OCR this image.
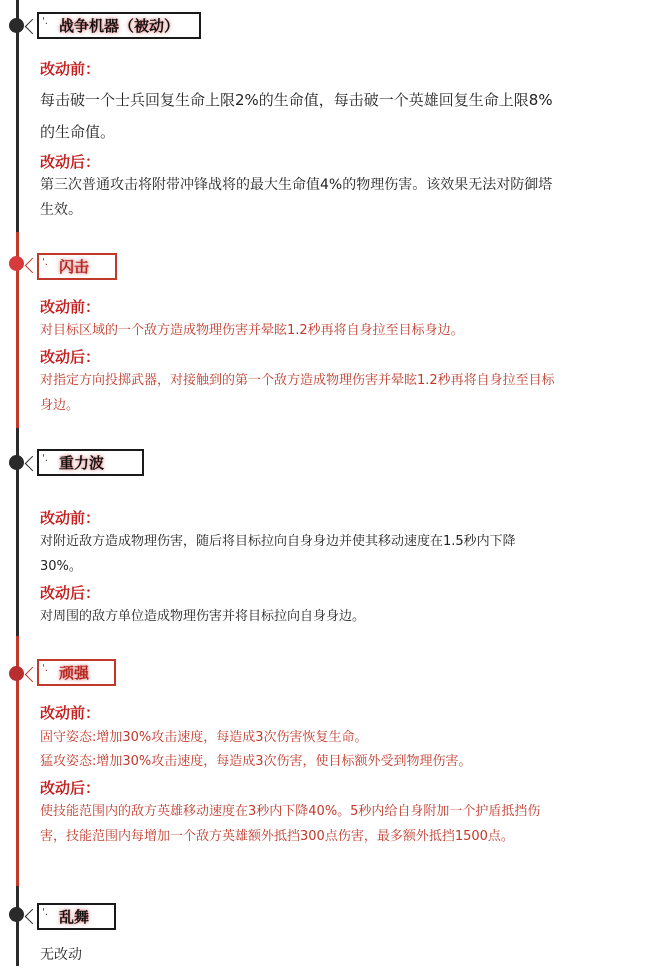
'. 战争机器（被动）
改动前：
每击破一个士兵回复生命上限2%的生命值，每击破一个英雄回复生命上限8%的生命值。
改动后：
第三次普通攻击将附带冲锋战将的最大生命值4%的物理伤害。该效果无法对防御塔生效。
'. 闪击
改动前：
对目标区域的一个敌方造成物理伤害并晕眩1.2秒再将自身拉至目标身边。
改动后：
对指定方向投掷武器，对接触到的第一个敌方造成物理伤害并晕眩1.2秒再将自身拉至目标身边。
'. 重力波
改动前：
对附近敌方造成物理伤害，随后将目标拉向自身身边并使其移动速度在1.5秒内下降30%。
改动后：
对周围的敌方单位造成物理伤害并将目标拉向自身身边。
'. 顽强
改动前：
固守姿态:增加30%攻击速度，每造成3次伤害恢复生命。
猛攻姿态:增加30%攻击速度，每造成3次伤害，使目标额外受到物理伤害。
改动后：
使技能范围内的敌方英雄移动速度在3秒内下降40%。5秒内给自身附加一个护盾抵挡伤害，技能范围内每增加一个敌方英雄额外抵挡300点伤害，最多额外抵挡1500点。
'. 乱舞
无改动
